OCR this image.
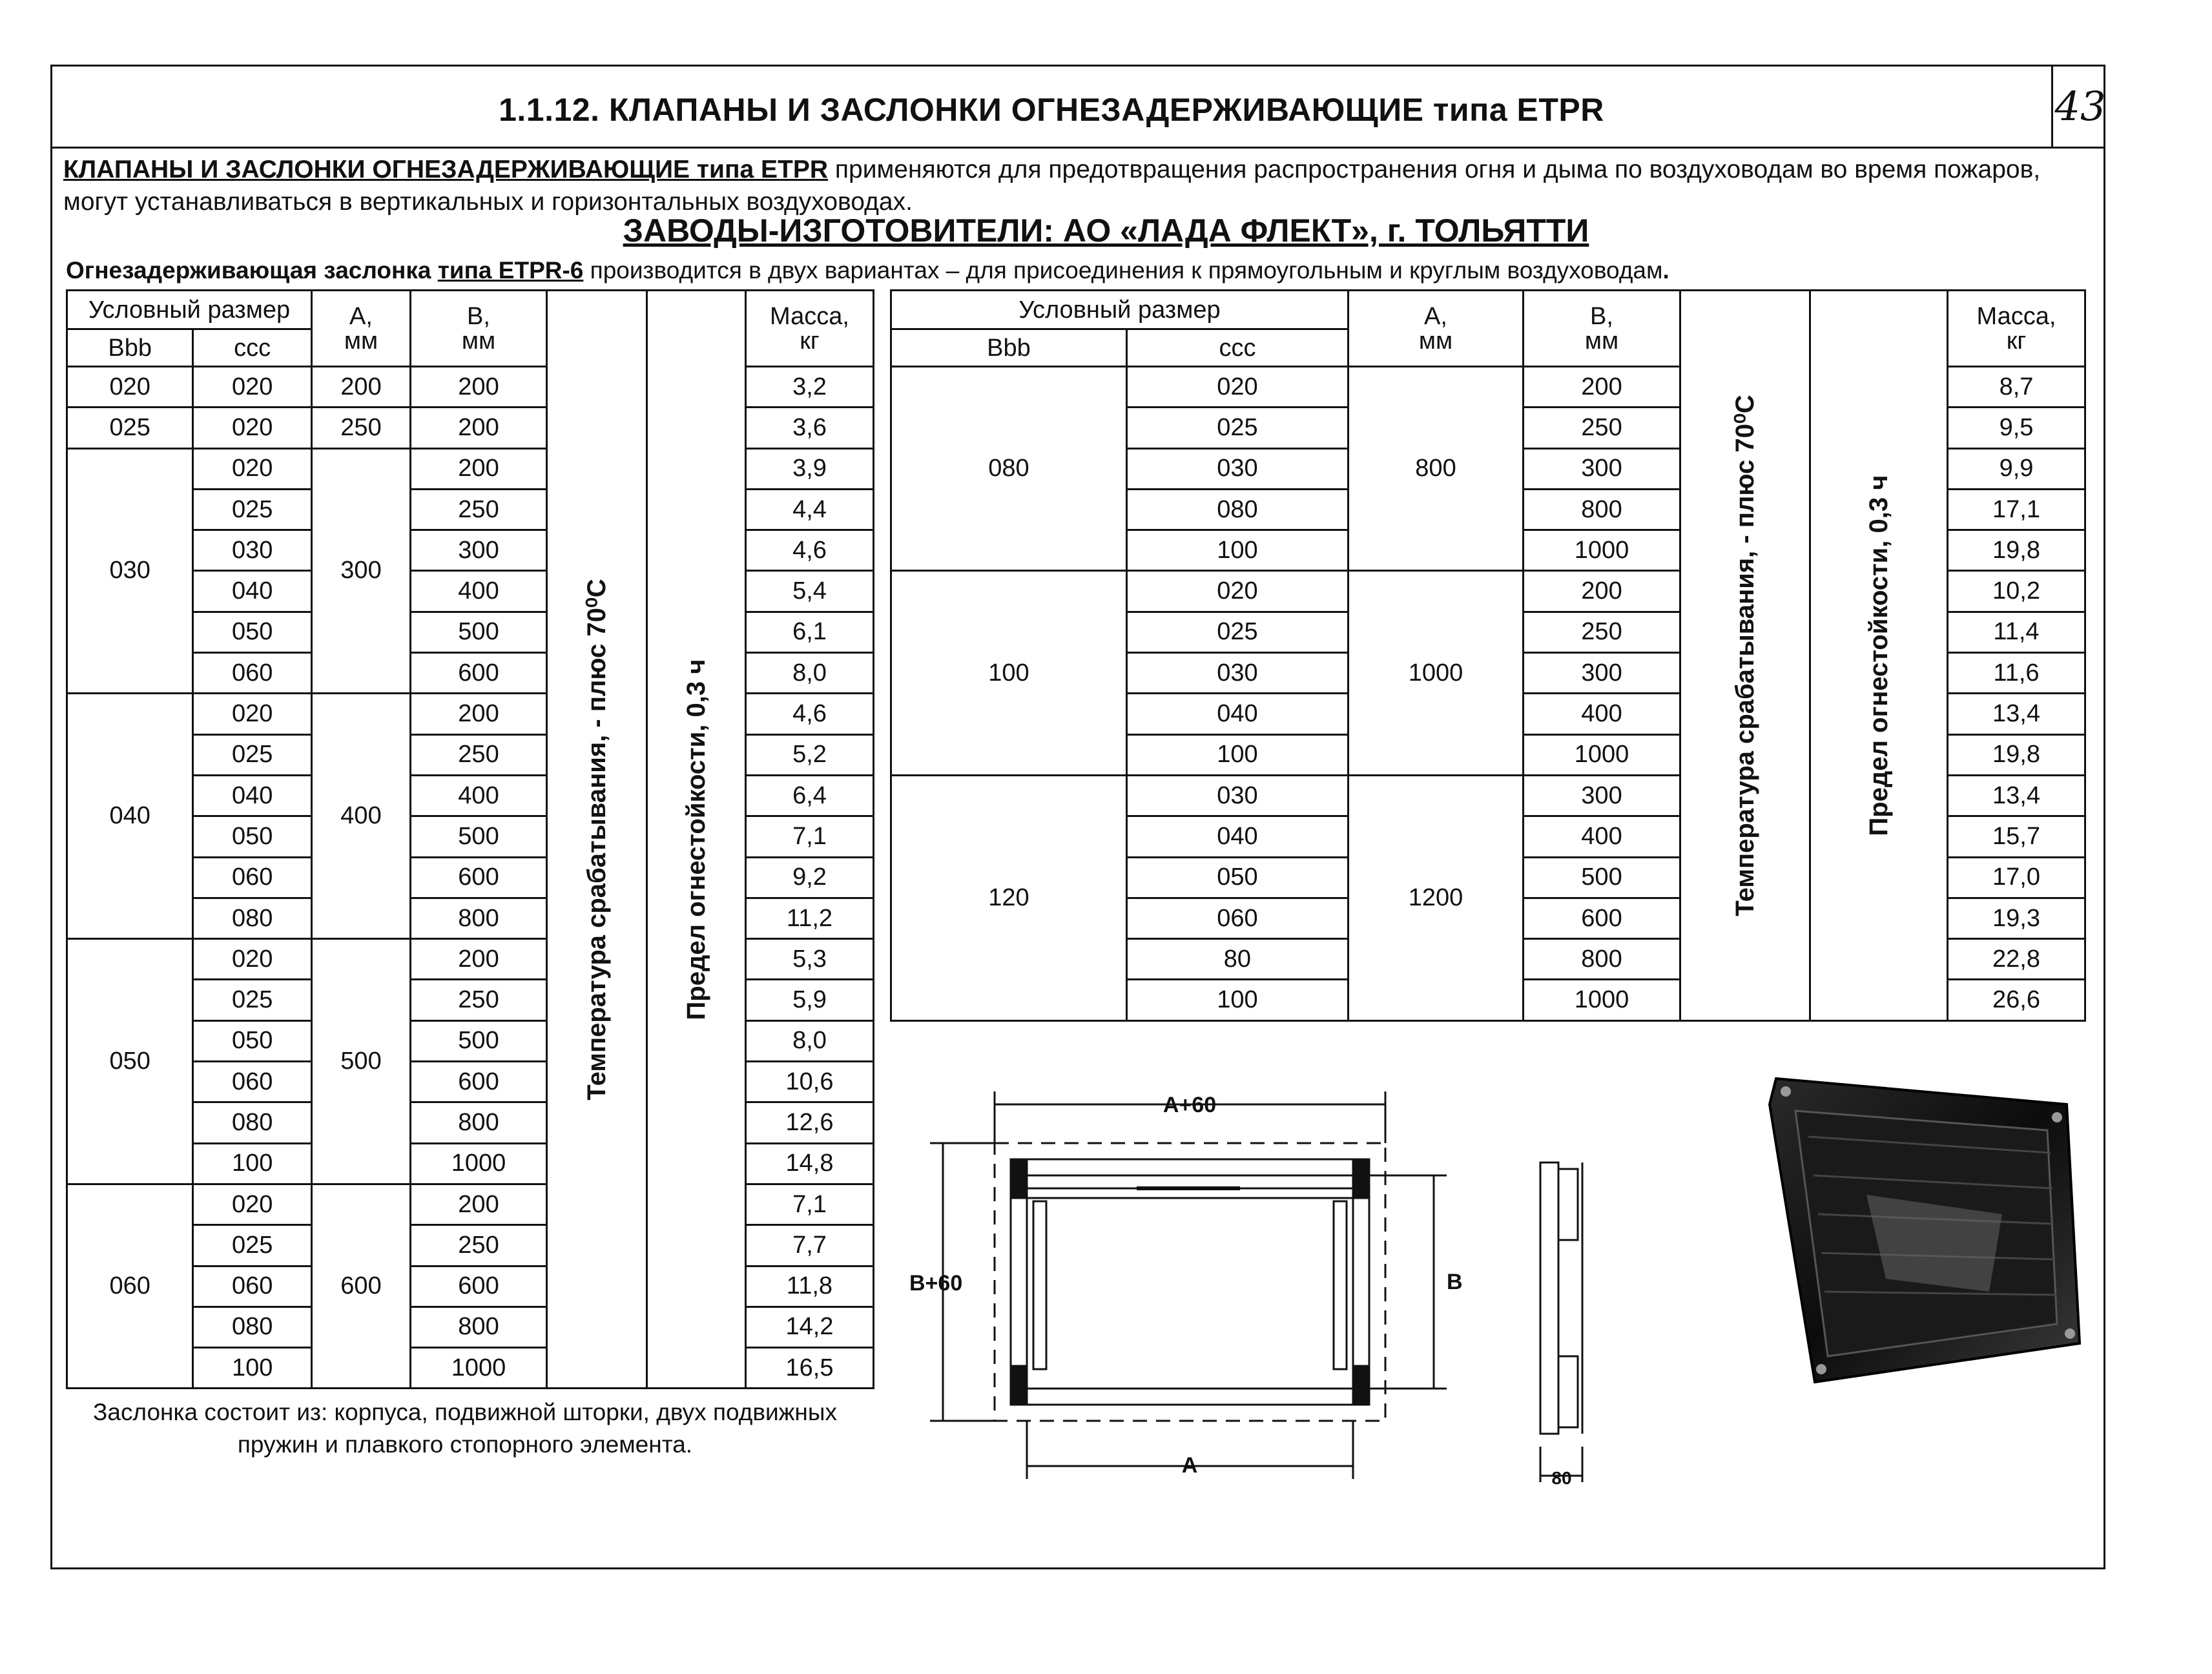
1.1.12. КЛАПАНЫ И ЗАСЛОНКИ ОГНЕЗАДЕРЖИВАЮЩИЕ типа ETPR	43
КЛАПАНЫ И ЗАСЛОНКИ ОГНЕЗАДЕРЖИВАЮЩИЕ типа ETPR применяются для предотвращения распространения огня и дыма по воздуховодам во время пожаров, могут устанавливаться в вертикальных и горизонтальных воздуховодах.
ЗАВОДЫ-ИЗГОТОВИТЕЛИ: АО «ЛАДА ФЛЕКТ», г. ТОЛЬЯТТИ
Огнезадерживающая заслонка типа ETPR-6 производится в двух вариантах – для присоединения к прямоугольным и круглым воздуховодам.
Условный размер		А,
мм	В,
мм	Температура срабатывания, - плюс 70⁰С	Предел огнестойкости, 0,3 ч	Масса,
кг
Bbb	ccc					
020	020	200	200			3,2
025	020	250	200			3,6
030	020	300	200			3,9
	025		250			4,4
	030		300			4,6
	040		400			5,4
	050		500			6,1
	060		600			8,0
040	020	400	200			4,6
	025		250			5,2
	040		400			6,4
	050		500			7,1
	060		600			9,2
	080		800			11,2
050	020	500	200			5,3
	025		250			5,9
	050		500			8,0
	060		600			10,6
	080		800			12,6
	100		1000			14,8
060	020	600	200			7,1
	025		250			7,7
	060		600			11,8
	080		800			14,2
	100		1000			16,5
Условный размер		А,
мм	В,
мм	Температура срабатывания, - плюс 70⁰С	Предел огнестойкости, 0,3 ч	Масса,
кг
Bbb	ccc					
080	020	800	200			8,7
	025		250			9,5
	030		300			9,9
	080		800			17,1
	100		1000			19,8
100	020	1000	200			10,2
	025		250			11,4
	030		300			11,6
	040		400			13,4
	100		1000			19,8
120	030	1200	300			13,4
	040		400			15,7
	050		500			17,0
	060		600			19,3
	80		800			22,8
	100		1000			26,6
Заслонка состоит из: корпуса, подвижной шторки, двух подвижных пружин и плавкого стопорного элемента.
A+60
B+60	B
A
80
